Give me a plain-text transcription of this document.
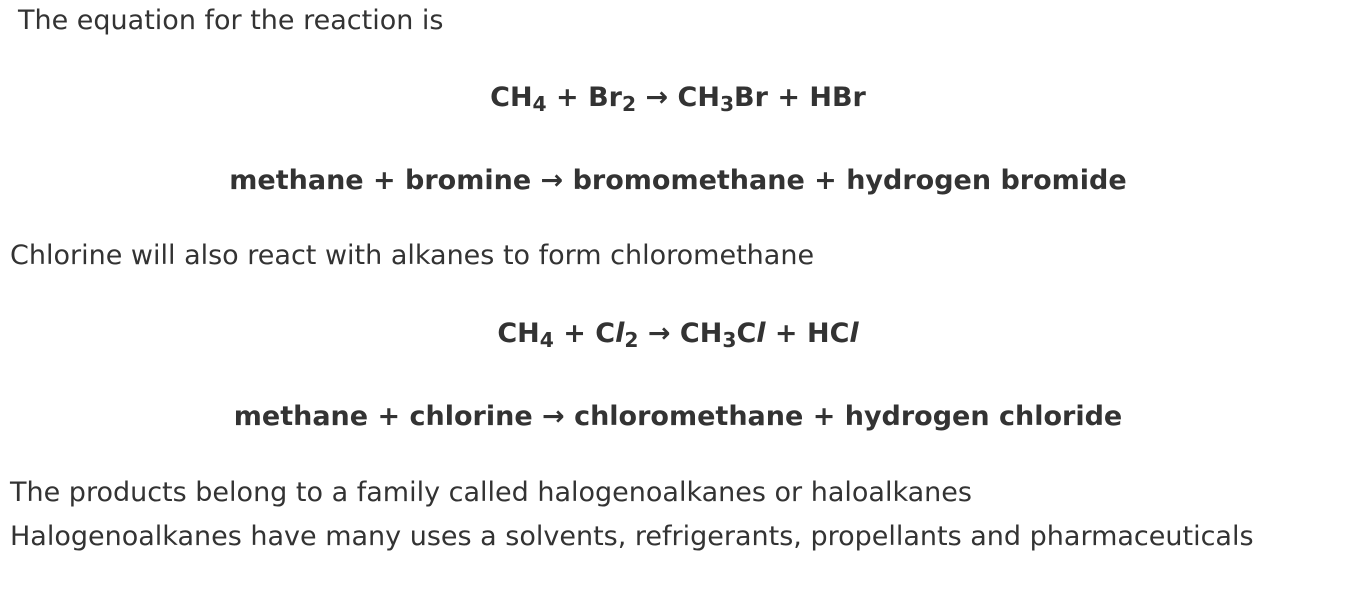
The equation for the reaction is
$CH_4 + Br_2 \to CH_3Br$ + HBr
methane + bromine → bromomethane + hydrogen bromide
Chlorine will also react with alkanes to form chloromethane
$CH_4 + Cl_2 \to CH_3Cl$ + HCl
methane + chlorine → chloromethane + hydrogen chloride
The products belong to a family called halogenoalkanes or haloalkanes
Halogenoalkanes have many uses a solvents, refrigerants, propellants and pharmaceuticals
